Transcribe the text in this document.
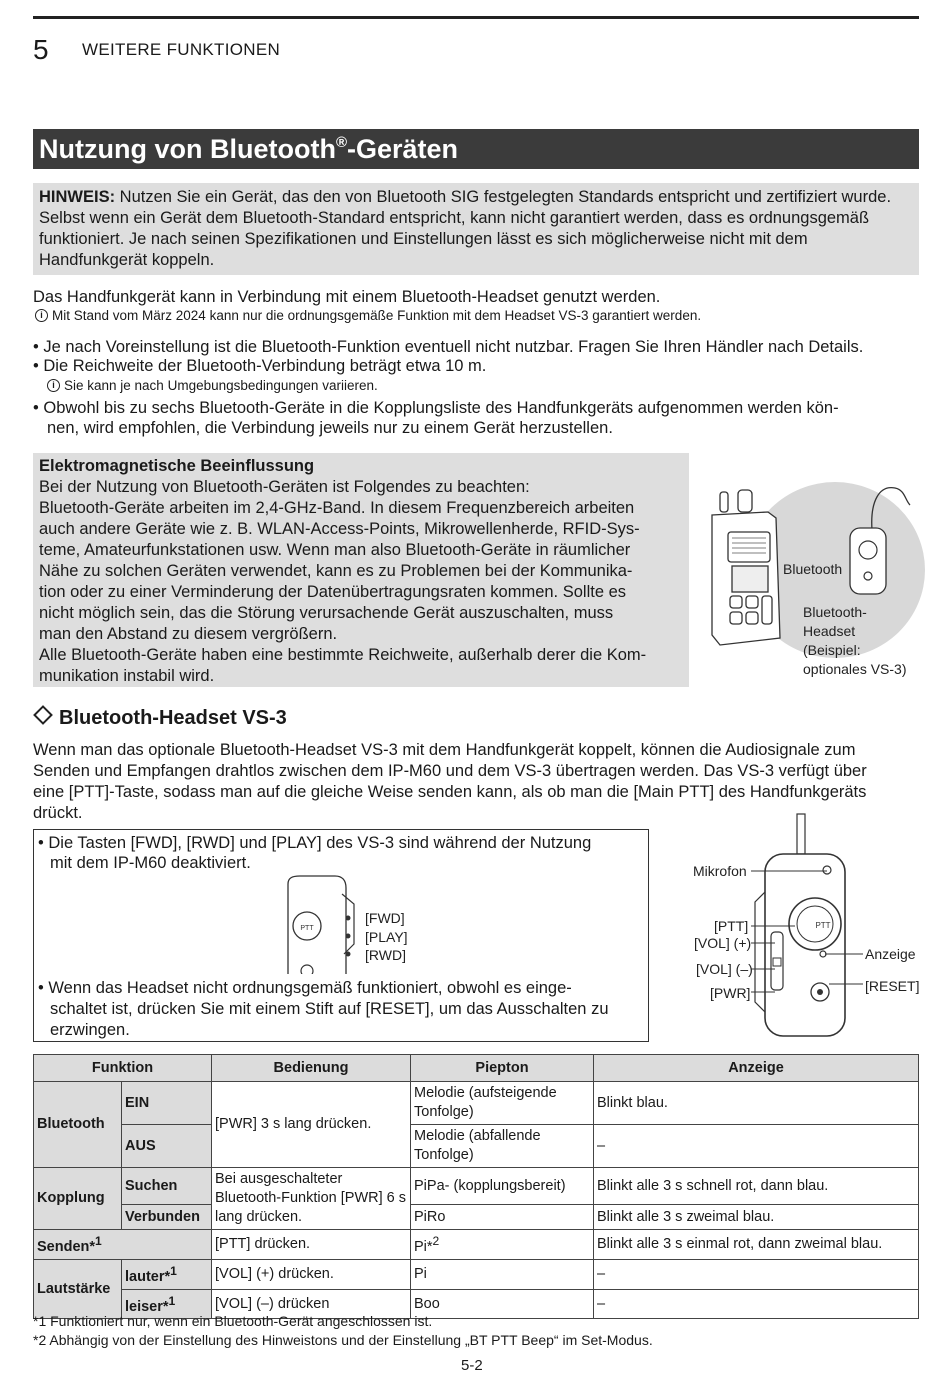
5 WEITERE FUNKTIONEN
Nutzung von Bluetooth®-Geräten
HINWEIS: Nutzen Sie ein Gerät, das den von Bluetooth SIG festgelegten Standards entspricht und zertifiziert wurde. Selbst wenn ein Gerät dem Bluetooth-Standard entspricht, kann nicht garantiert werden, dass es ordnungsgemäß funktioniert. Je nach seinen Spezifikationen und Einstellungen lässt es sich möglicherweise nicht mit dem Handfunkgerät koppeln.
Das Handfunkgerät kann in Verbindung mit einem Bluetooth-Headset genutzt werden.
i Mit Stand vom März 2024 kann nur die ordnungsgemäße Funktion mit dem Headset VS-3 garantiert werden.
• Je nach Voreinstellung ist die Bluetooth-Funktion eventuell nicht nutzbar. Fragen Sie Ihren Händler nach Details.
• Die Reichweite der Bluetooth-Verbindung beträgt etwa 10 m.
i Sie kann je nach Umgebungsbedingungen variieren.
• Obwohl bis zu sechs Bluetooth-Geräte in die Kopplungsliste des Handfunkgeräts aufgenommen werden kön-
nen, wird empfohlen, die Verbindung jeweils nur zu einem Gerät herzustellen.
Elektromagnetische Beeinflussung
Bei der Nutzung von Bluetooth-Geräten ist Folgendes zu beachten:
Bluetooth-Geräte arbeiten im 2,4-GHz-Band. In diesem Frequenzbereich arbeiten
auch andere Geräte wie z. B. WLAN-Access-Points, Mikrowellenherde, RFID-Sys-
teme, Amateurfunkstationen usw. Wenn man also Bluetooth-Geräte in räumlicher
Nähe zu solchen Geräten verwendet, kann es zu Problemen bei der Kommunika-
tion oder zu einer Verminderung der Datenübertragungsraten kommen. Sollte es
nicht möglich sein, das die Störung verursachende Gerät auszuschalten, muss
man den Abstand zu diesem vergrößern.
Alle Bluetooth-Geräte haben eine bestimmte Reichweite, außerhalb derer die Kom-
munikation instabil wird.
Bluetooth
Bluetooth-
Headset
(Beispiel:
optionales VS-3)
Bluetooth-Headset VS-3
Wenn man das optionale Bluetooth-Headset VS-3 mit dem Handfunkgerät koppelt, können die Audiosignale zum
Senden und Empfangen drahtlos zwischen dem IP-M60 und dem VS-3 übertragen werden. Das VS-3 verfügt über
eine [PTT]-Taste, sodass man auf die gleiche Weise senden kann, als ob man die [Main PTT] des Handfunkgeräts
drückt.
• Die Tasten [FWD], [RWD] und [PLAY] des VS-3 sind während der Nutzung
mit dem IP-M60 deaktiviert.
PTT
[FWD]
[PLAY]
[RWD]
• Wenn das Headset nicht ordnungsgemäß funktioniert, obwohl es einge-
schaltet ist, drücken Sie mit einem Stift auf [RESET], um das Ausschalten zu
erzwingen.
PTT
Mikrofon
[PTT]
[VOL] (+)
[VOL] (–)
[PWR]
Anzeige
[RESET]
Funktion		Bedienung	Piepton	Anzeige
Bluetooth	EIN	[PWR] 3 s lang drücken.	Melodie (aufsteigende Tonfolge)	Blinkt blau.
	AUS		Melodie (abfallende Tonfolge)	–
Kopplung	Suchen	Bei ausgeschalteter Bluetooth-Funktion [PWR] 6 s lang drücken.	PiPa- (kopplungsbereit)	Blinkt alle 3 s schnell rot, dann blau.
	Verbunden		PiRo	Blinkt alle 3 s zweimal blau.
Senden*$^1$		[PTT] drücken.	Pi*$^2$	Blinkt alle 3 s einmal rot, dann zweimal blau.
Lautstärke	lauter*$^1$	[VOL] (+) drücken.	Pi	–
	leiser*$^1$	[VOL] (–) drücken	Boo	–
*1 Funktioniert nur, wenn ein Bluetooth-Gerät angeschlossen ist.
*2 Abhängig von der Einstellung des Hinweistons und der Einstellung „BT PTT Beep“ im Set-Modus.
5-2
